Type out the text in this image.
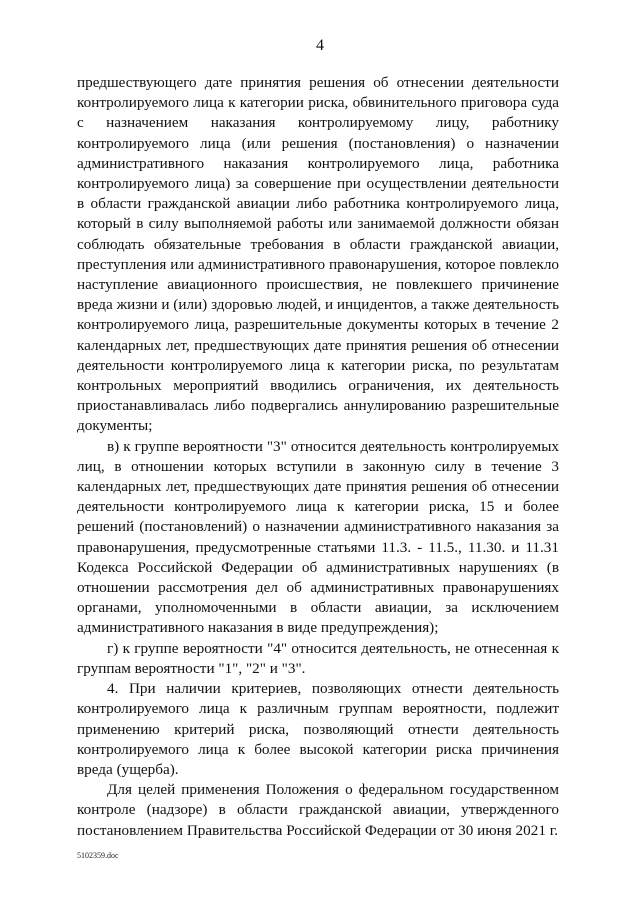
4

предшествующего дате принятия решения об отнесении деятельности контролируемого лица к категории риска, обвинительного приговора суда с назначением наказания контролируемому лицу, работнику контролируемого лица (или решения (постановления) о назначении административного наказания контролируемого лица, работника контролируемого лица) за совершение при осуществлении деятельности в области гражданской авиации либо работника контролируемого лица, который в силу выполняемой работы или занимаемой должности обязан соблюдать обязательные требования в области гражданской авиации, преступления или административного правонарушения, которое повлекло наступление авиационного происшествия, не повлекшего причинение вреда жизни и (или) здоровью людей, и инцидентов, а также деятельность контролируемого лица, разрешительные документы которых в течение 2 календарных лет, предшествующих дате принятия решения об отнесении деятельности контролируемого лица к категории риска, по результатам контрольных мероприятий вводились ограничения, их деятельность приостанавливалась либо подвергались аннулированию разрешительные документы;

в) к группе вероятности "3" относится деятельность контролируемых лиц, в отношении которых вступили в законную силу в течение 3 календарных лет, предшествующих дате принятия решения об отнесении деятельности контролируемого лица к категории риска, 15 и более решений (постановлений) о назначении административного наказания за правонарушения, предусмотренные статьями 11.3. - 11.5., 11.30. и 11.31 Кодекса Российской Федерации об административных нарушениях (в отношении рассмотрения дел об административных правонарушениях органами, уполномоченными в области авиации, за исключением административного наказания в виде предупреждения);

г) к группе вероятности "4" относится деятельность, не отнесенная к группам вероятности "1", "2" и "3".

4. При наличии критериев, позволяющих отнести деятельность контролируемого лица к различным группам вероятности, подлежит применению критерий риска, позволяющий отнести деятельность контролируемого лица к более высокой категории риска причинения вреда (ущерба).

Для целей применения Положения о федеральном государственном контроле (надзоре) в области гражданской авиации, утвержденного постановлением Правительства Российской Федерации от 30 июня 2021 г.

5102359.doc
